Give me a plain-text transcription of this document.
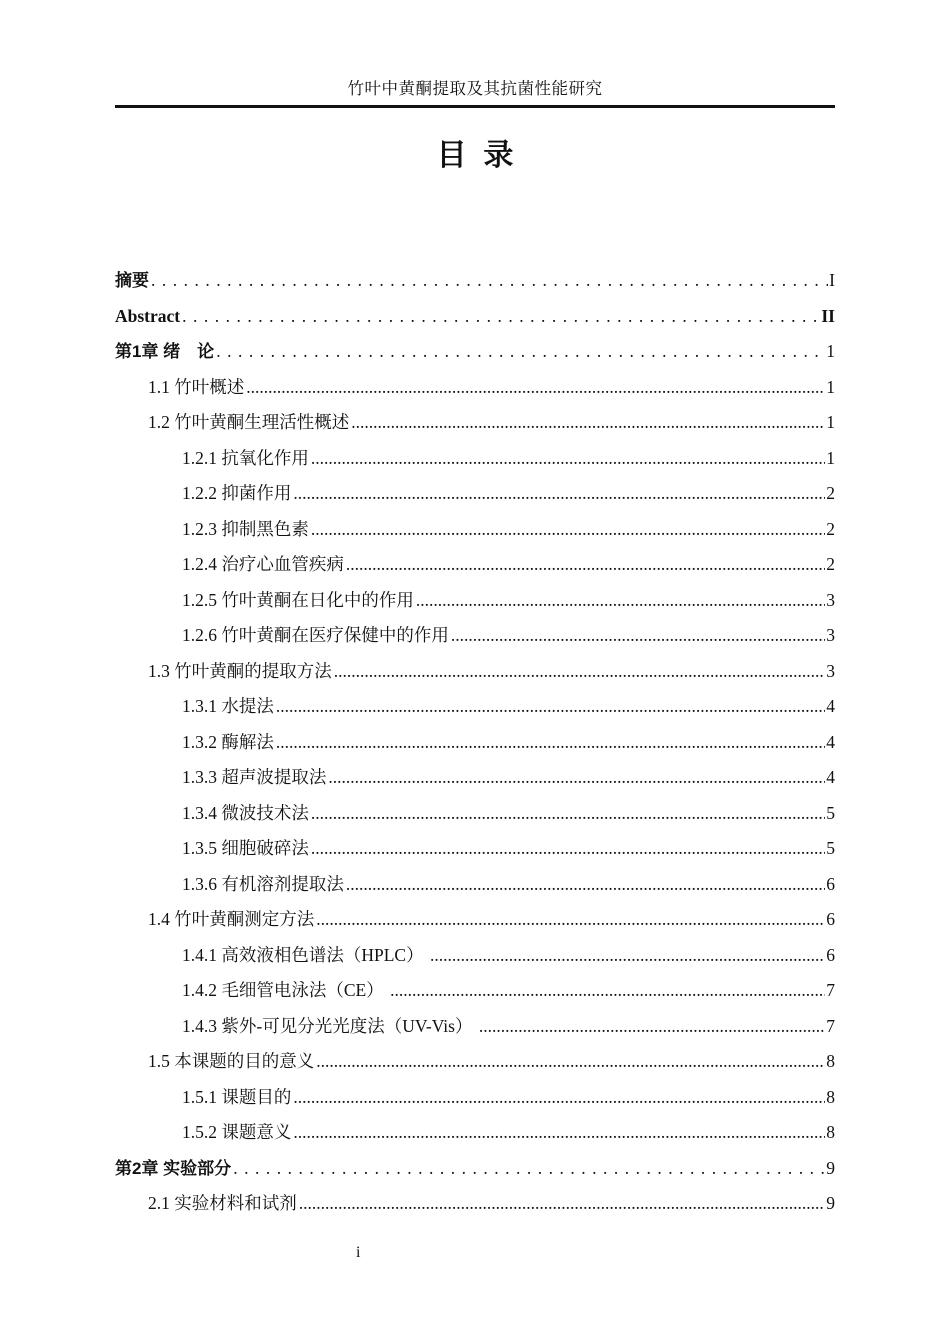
竹叶中黄酮提取及其抗菌性能研究
目  录
摘要 .....	I
Abstract .....	II
第1章 绪　论 .....	1
1.1 竹叶概述 .....	1
1.2 竹叶黄酮生理活性概述 .....	1
1.2.1 抗氧化作用 .....	1
1.2.2 抑菌作用 .....	2
1.2.3 抑制黑色素 .....	2
1.2.4 治疗心血管疾病 .....	2
1.2.5 竹叶黄酮在日化中的作用 .....	3
1.2.6 竹叶黄酮在医疗保健中的作用 .....	3
1.3 竹叶黄酮的提取方法 .....	3
1.3.1 水提法 .....	4
1.3.2 酶解法 .....	4
1.3.3 超声波提取法 .....	4
1.3.4 微波技术法 .....	5
1.3.5 细胞破碎法 .....	5
1.3.6 有机溶剂提取法 .....	6
1.4 竹叶黄酮测定方法 .....	6
1.4.1 高效液相色谱法（HPLC） .....	6
1.4.2 毛细管电泳法（CE） .....	7
1.4.3 紫外-可见分光光度法（UV-Vis） .....	7
1.5 本课题的目的意义 .....	8
1.5.1 课题目的 .....	8
1.5.2 课题意义 .....	8
第2章 实验部分 .....	9
2.1 实验材料和试剂 .....	9
i
